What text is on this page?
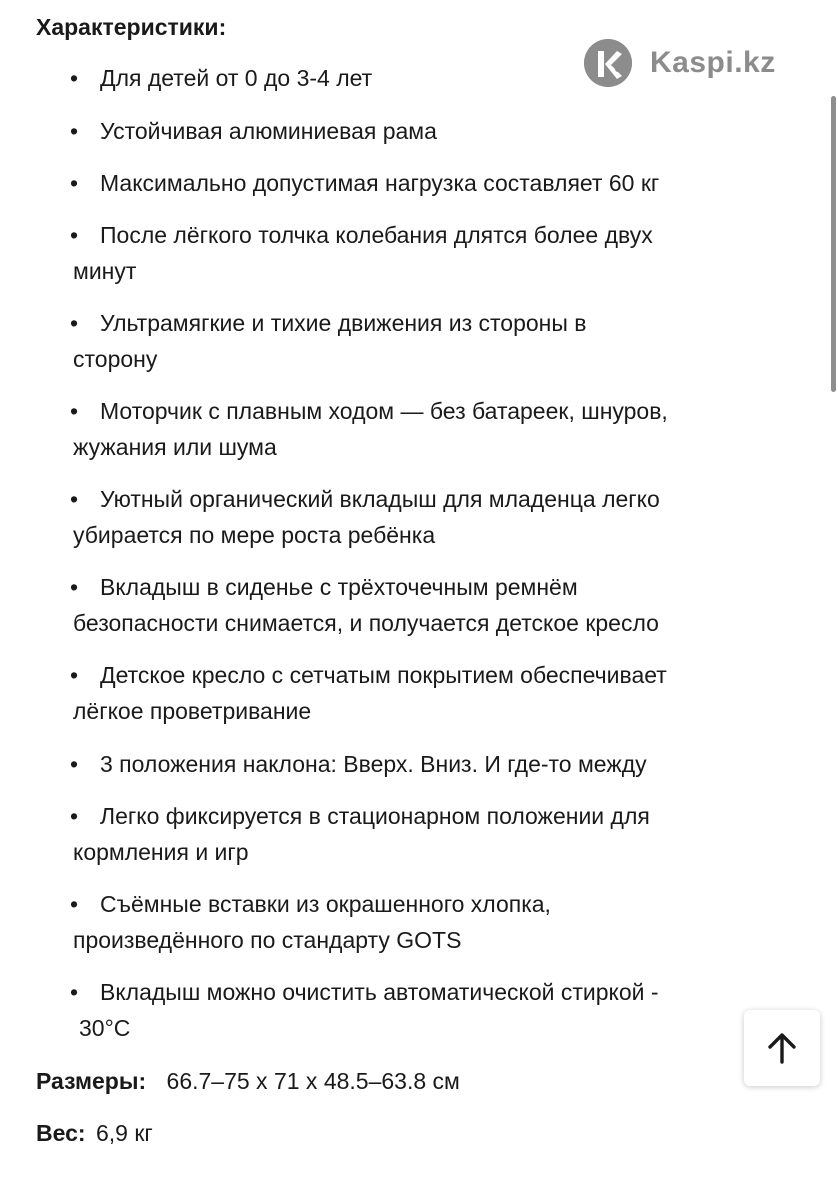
Характеристики:
Kaspi.kz
• Для детей от 0 до 3-4 лет
• Устойчивая алюминиевая рама
• Максимально допустимая нагрузка составляет 60 кг
• После лёгкого толчка колебания длятся более двух
минут
• Ультрамягкие и тихие движения из стороны в
сторону
• Моторчик с плавным ходом — без батареек, шнуров,
жужания или шума
• Уютный органический вкладыш для младенца легко
убирается по мере роста ребёнка
• Вкладыш в сиденье с трёхточечным ремнём
безопасности снимается, и получается детское кресло
• Детское кресло с сетчатым покрытием обеспечивает
лёгкое проветривание
• 3 положения наклона: Вверх. Вниз. И где-то между
• Легко фиксируется в стационарном положении для
кормления и игр
• Съёмные вставки из окрашенного хлопка,
произведённого по стандарту GOTS
• Вкладыш можно очистить автоматической стиркой -
30°C
Размеры: 66.7–75 х 71 х 48.5–63.8 см
Вес: 6,9 кг
